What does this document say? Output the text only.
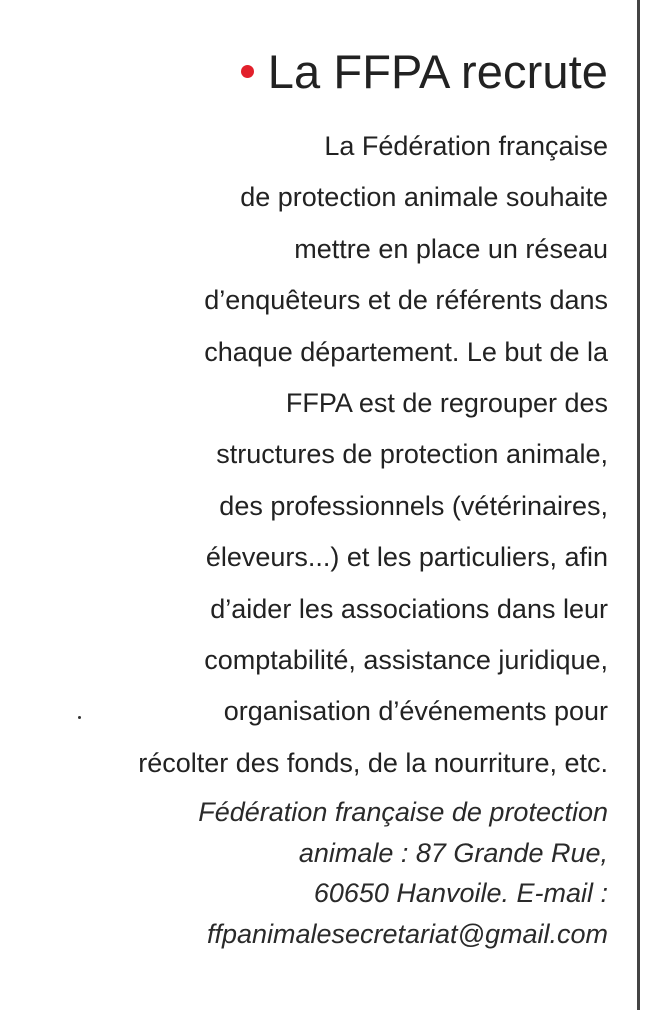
La FFPA recrute
La Fédération française
de protection animale souhaite
mettre en place un réseau
d’enquêteurs et de référents dans
chaque département. Le but de la
FFPA est de regrouper des
structures de protection animale,
des professionnels (vétérinaires,
éleveurs...) et les particuliers, afin
d’aider les associations dans leur
comptabilité, assistance juridique,
organisation d’événements pour
récolter des fonds, de la nourriture, etc.
Fédération française de protection
animale : 87 Grande Rue,
60650 Hanvoile. E-mail :
ffpanimalesecretariat@gmail.com
